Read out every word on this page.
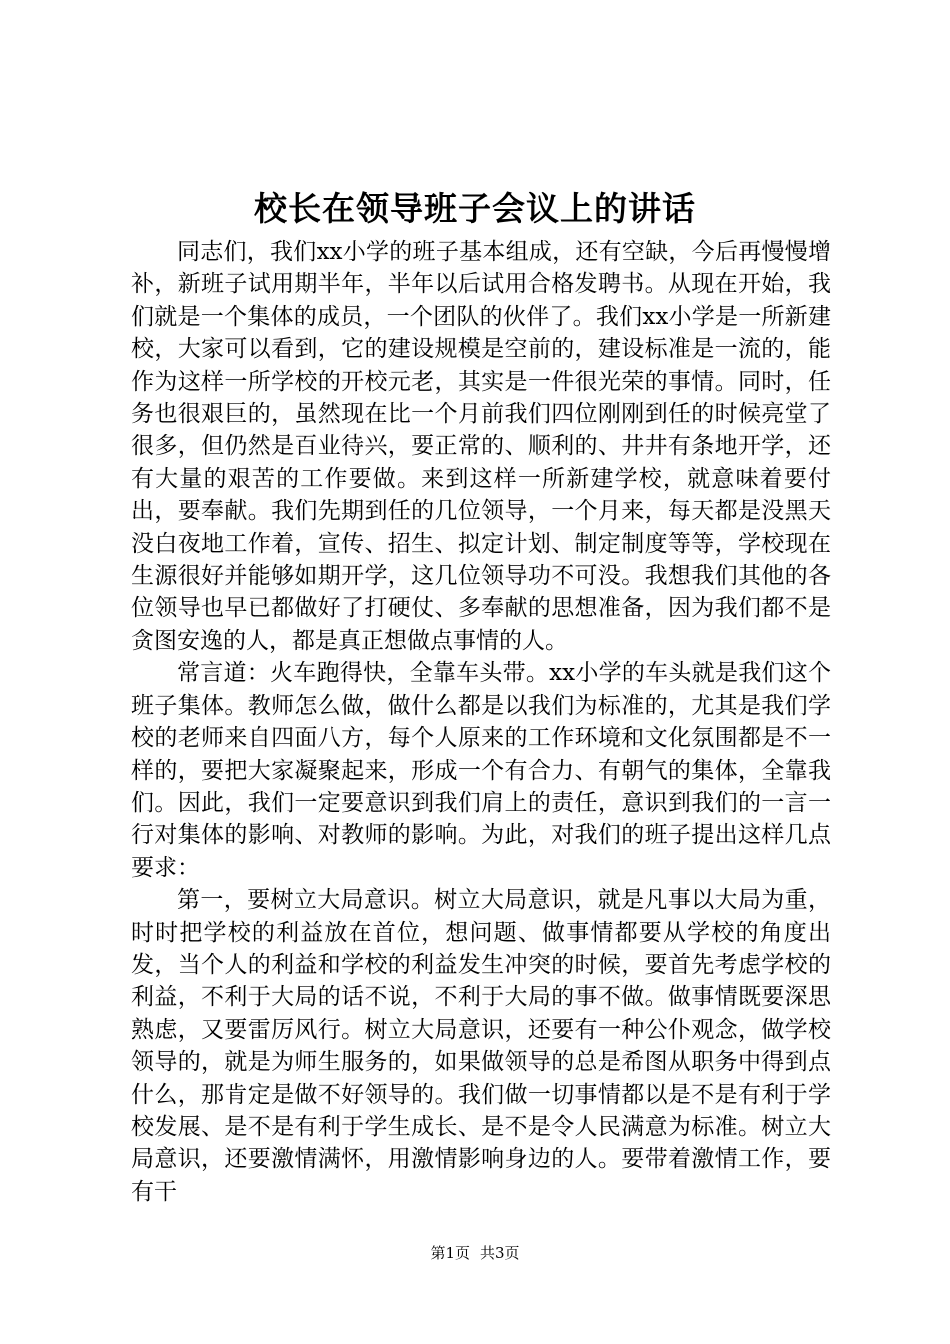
校长在领导班子会议上的讲话

同志们，我们xx小学的班子基本组成，还有空缺，今后再慢慢增补，新班子试用期半年，半年以后试用合格发聘书。从现在开始，我们就是一个集体的成员，一个团队的伙伴了。我们xx小学是一所新建校，大家可以看到，它的建设规模是空前的，建设标准是一流的，能作为这样一所学校的开校元老，其实是一件很光荣的事情。同时，任务也很艰巨的，虽然现在比一个月前我们四位刚刚到任的时候亮堂了很多，但仍然是百业待兴，要正常的、顺利的、井井有条地开学，还有大量的艰苦的工作要做。来到这样一所新建学校，就意味着要付出，要奉献。我们先期到任的几位领导，一个月来，每天都是没黑天没白夜地工作着，宣传、招生、拟定计划、制定制度等等，学校现在生源很好并能够如期开学，这几位领导功不可没。我想我们其他的各位领导也早已都做好了打硬仗、多奉献的思想准备，因为我们都不是贪图安逸的人，都是真正想做点事情的人。

常言道：火车跑得快，全靠车头带。xx小学的车头就是我们这个班子集体。教师怎么做，做什么都是以我们为标准的，尤其是我们学校的老师来自四面八方，每个人原来的工作环境和文化氛围都是不一样的，要把大家凝聚起来，形成一个有合力、有朝气的集体，全靠我们。因此，我们一定要意识到我们肩上的责任，意识到我们的一言一行对集体的影响、对教师的影响。为此，对我们的班子提出这样几点要求：

第一，要树立大局意识。树立大局意识，就是凡事以大局为重，时时把学校的利益放在首位，想问题、做事情都要从学校的角度出发，当个人的利益和学校的利益发生冲突的时候，要首先考虑学校的利益，不利于大局的话不说，不利于大局的事不做。做事情既要深思熟虑，又要雷厉风行。树立大局意识，还要有一种公仆观念，做学校领导的，就是为师生服务的，如果做领导的总是希图从职务中得到点什么，那肯定是做不好领导的。我们做一切事情都以是不是有利于学校发展、是不是有利于学生成长、是不是令人民满意为标准。树立大局意识，还要激情满怀，用激情影响身边的人。要带着激情工作，要有干

第1页 共3页
